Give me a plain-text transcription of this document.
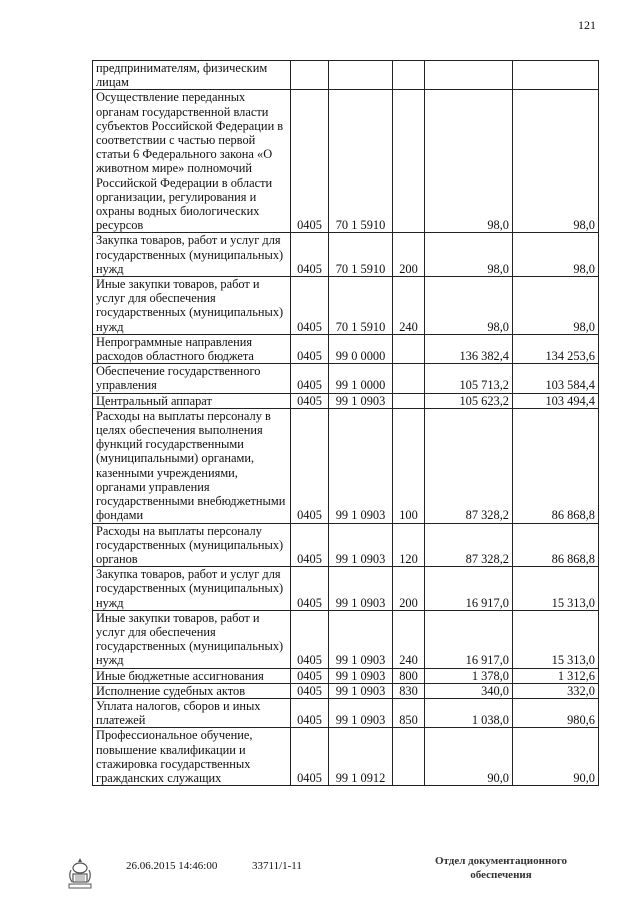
121
предпринимателям, физическим лицам					
Осуществление переданных органам государственной власти субъектов Российской Федерации в соответствии с частью первой статьи 6 Федерального закона «О животном мире» полномочий Российской Федерации в области организации, регулирования и охраны водных биологических ресурсов	0405	70 1 5910		98,0	98,0
Закупка товаров, работ и услуг для государственных (муниципальных) нужд	0405	70 1 5910	200	98,0	98,0
Иные закупки товаров, работ и услуг для обеспечения государственных (муниципальных) нужд	0405	70 1 5910	240	98,0	98,0
Непрограммные направления расходов областного бюджета	0405	99 0 0000		136 382,4	134 253,6
Обеспечение государственного управления	0405	99 1 0000		105 713,2	103 584,4
Центральный аппарат	0405	99 1 0903		105 623,2	103 494,4
Расходы на выплаты персоналу в целях обеспечения выполнения функций государственными (муниципальными) органами, казенными учреждениями, органами управления государственными внебюджетными фондами	0405	99 1 0903	100	87 328,2	86 868,8
Расходы на выплаты персоналу государственных (муниципальных) органов	0405	99 1 0903	120	87 328,2	86 868,8
Закупка товаров, работ и услуг для государственных (муниципальных) нужд	0405	99 1 0903	200	16 917,0	15 313,0
Иные закупки товаров, работ и услуг для обеспечения государственных (муниципальных) нужд	0405	99 1 0903	240	16 917,0	15 313,0
Иные бюджетные ассигнования	0405	99 1 0903	800	1 378,0	1 312,6
Исполнение судебных актов	0405	99 1 0903	830	340,0	332,0
Уплата налогов, сборов и иных платежей	0405	99 1 0903	850	1 038,0	980,6
Профессиональное обучение, повышение квалификации и стажировка государственных гражданских служащих	0405	99 1 0912		90,0	90,0
26.06.2015 14:46:00	33711/1-11	Отдел документационного обеспечения
